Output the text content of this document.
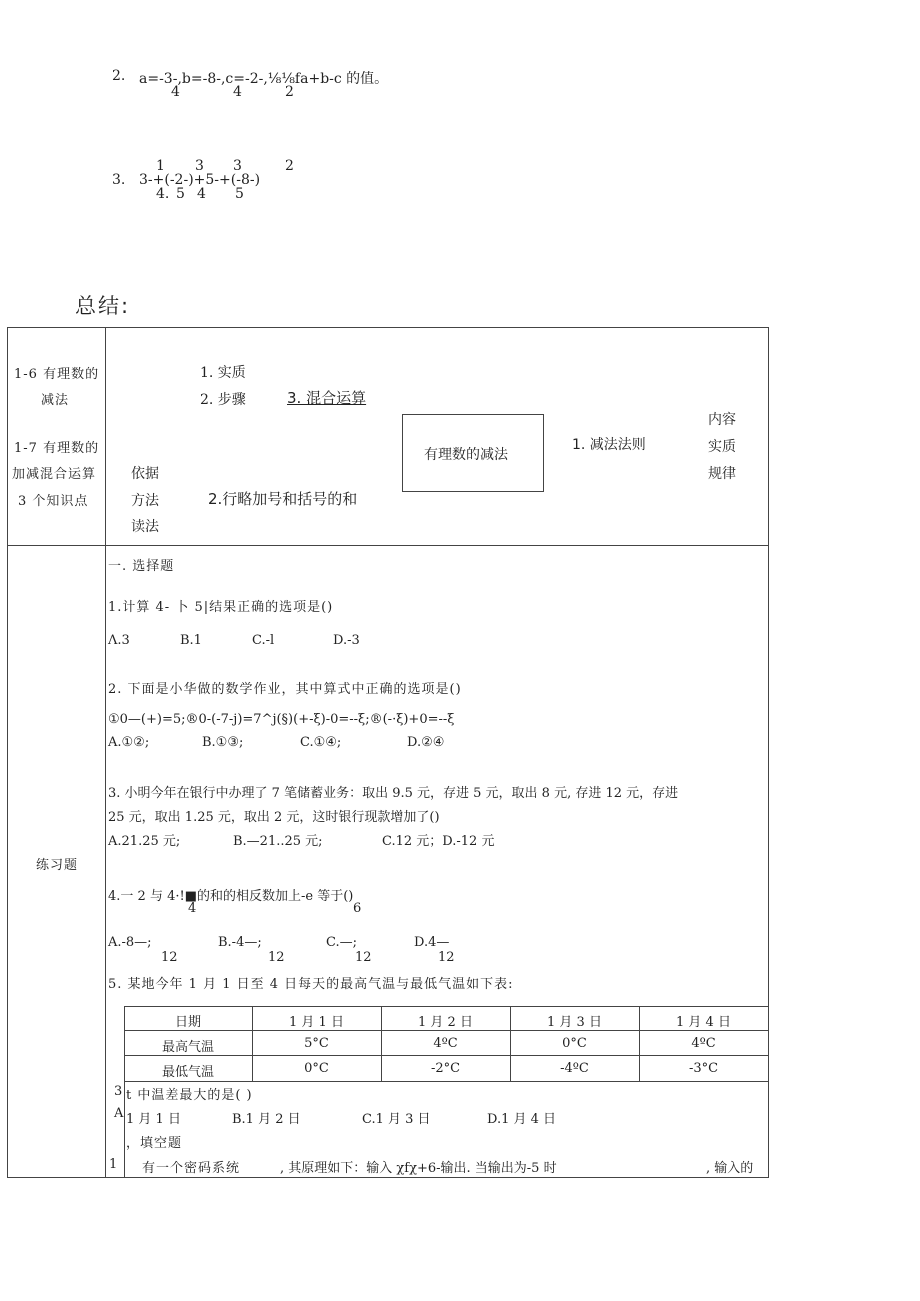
2. a=-3-,b=-8-,c=-2-,⅛⅛fa+b-c 的值。
4	4	2
1 3 3	2
3. 3-+(-2-)+5-+(-8-)
4. 5 4 5
总结:
1-6 有理数的
减法
1-7 有理数的
加减混合运算
3 个知识点
1. 实质
2. 步骤	3. 混合运算
有理数的减法
1. 减法法则
内容
实质
规律
依据
方法
读法
2.行略加号和括号的和
练习题
一. 选择题
1.计算 4- 卜 5|结果正确的选项是()
Λ.3	B.1	C.-l	D.-3
2. 下面是小华做的数学作业，其中算式中正确的选项是()
①0—(+)=5;®0-(-7-j)=7^j(§)(+-ξ)-0=--ξ;®(-·ξ)+0=--ξ
A.①②;	B.①③;	C.①④;	D.②④
3. 小明今年在银行中办理了 7 笔储蓄业务：取出 9.5 元，存进 5 元，取出 8 元, 存进 12 元，存进
25 元，取出 1.25 元，取出 2 元，这时银行现款增加了()
A.21.25 元;	B.—21..25 元;	C.12 元；D.-12 元
4.一 2 与 4·!■的和的相反数加上-e 等于()
4	6
A.-8—;	B.-4—;	C.—;	D.4—
12	12	12	12
5. 某地今年 1 月 1 日至 4 日每天的最高气温与最低气温如下表:
日期	1 月 1 日	1 月 2 日	1 月 3 日	1 月 4 日
最高气温	5°C	4ºC	0°C	4ºC
最低气温	0°C	-2°C	-4ºC	-3°C
3
A
t 中温差最大的是( )
1 月 1 日	B.1 月 2 日	C.1 月 3 日	D.1 月 4 日
，填空题
1 有一个密码系统	, 其原理如下：输入 χfχ+6-输出. 当输出为-5 时	, 输入的
